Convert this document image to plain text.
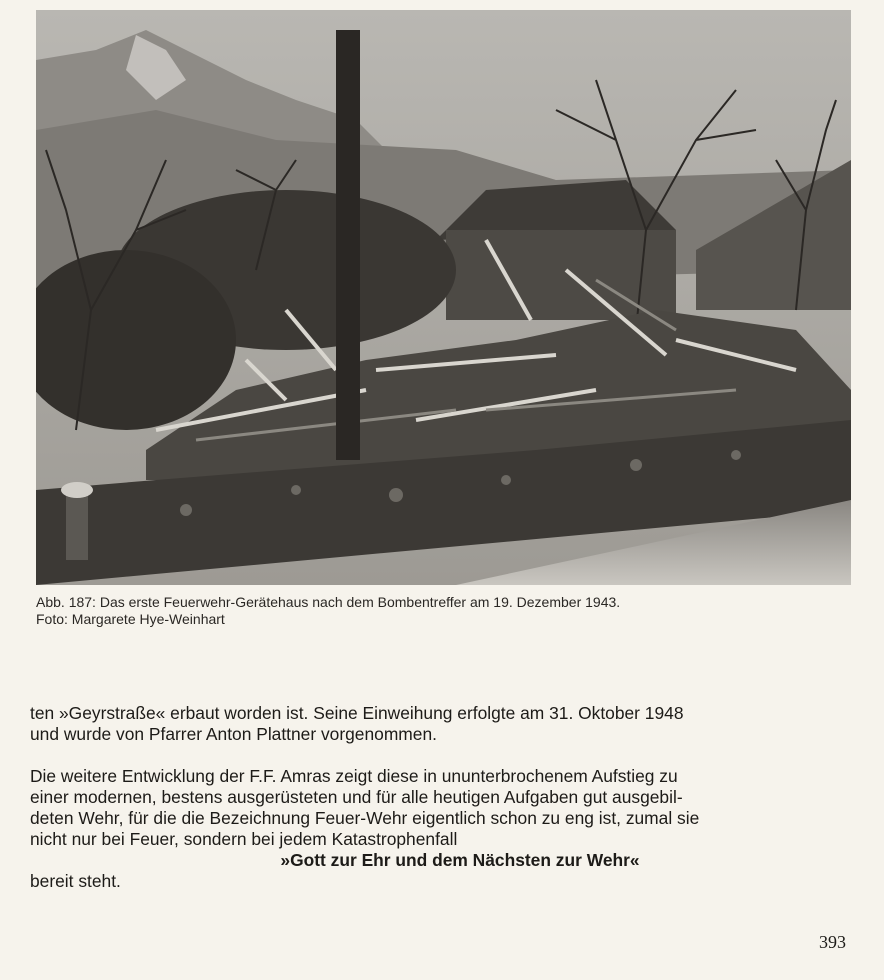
Abb. 187: Das erste Feuerwehr-Gerätehaus nach dem Bombentreffer am 19. Dezember 1943.
Foto: Margarete Hye-Weinhart
ten »Geyrstraße« erbaut worden ist. Seine Einweihung erfolgte am 31. Oktober 1948
und wurde von Pfarrer Anton Plattner vorgenommen.
Die weitere Entwicklung der F.F. Amras zeigt diese in ununterbrochenem Aufstieg zu
einer modernen, bestens ausgerüsteten und für alle heutigen Aufgaben gut ausgebil-
deten Wehr, für die die Bezeichnung Feuer-Wehr eigentlich schon zu eng ist, zumal sie
nicht nur bei Feuer, sondern bei jedem Katastrophenfall
»Gott zur Ehr und dem Nächsten zur Wehr«
bereit steht.
393
